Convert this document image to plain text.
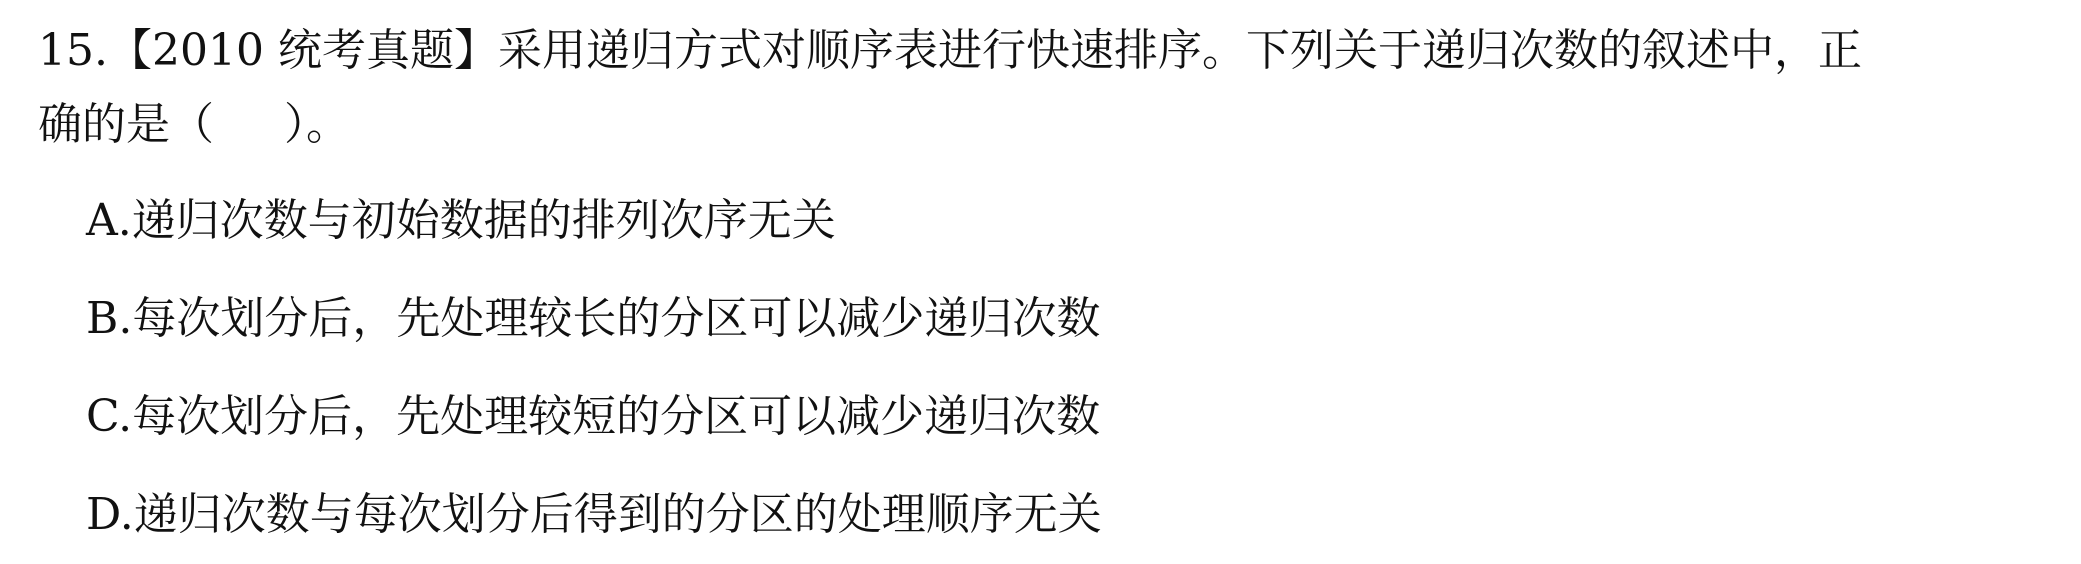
15.【2010 统考真题】采用递归方式对顺序表进行快速排序。下列关于递归次数的叙述中，正
确的是（ ）。
A.递归次数与初始数据的排列次序无关
B.每次划分后，先处理较长的分区可以减少递归次数
C.每次划分后，先处理较短的分区可以减少递归次数
D.递归次数与每次划分后得到的分区的处理顺序无关
